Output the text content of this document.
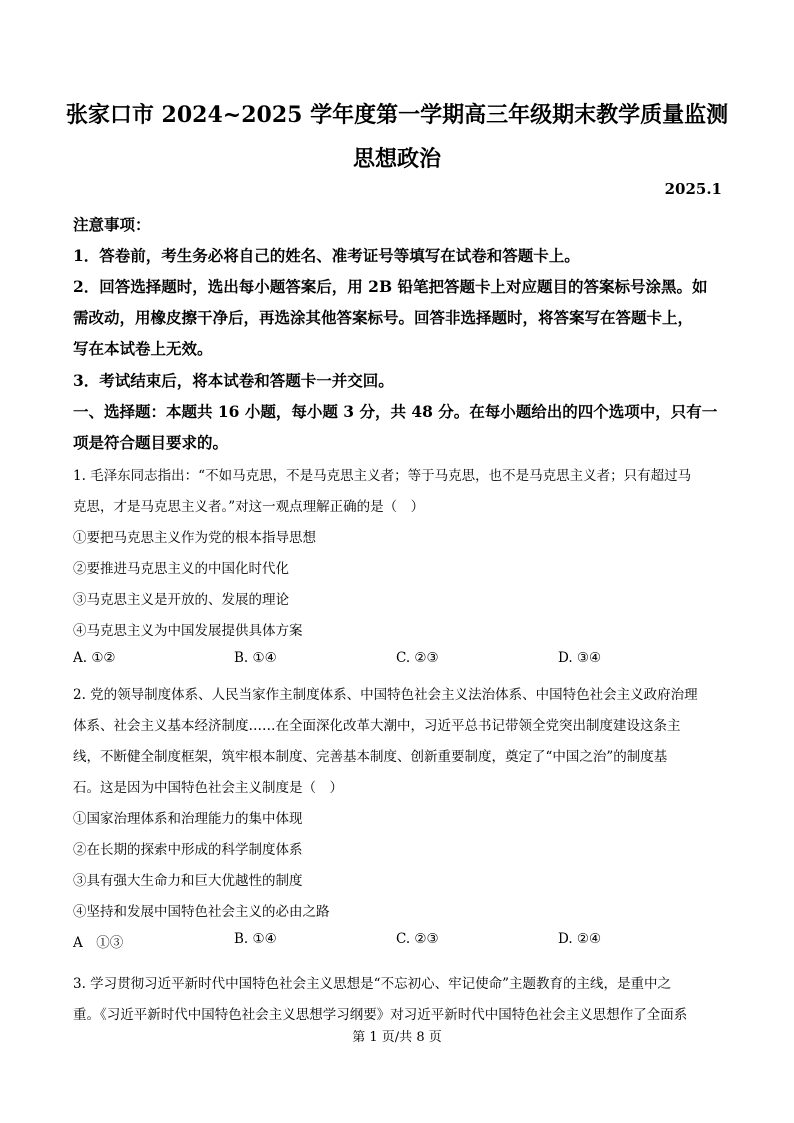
张家口市 2024~2025 学年度第一学期高三年级期末教学质量监测
思想政治
2025.1
注意事项：
1．答卷前，考生务必将自己的姓名、准考证号等填写在试卷和答题卡上。
2．回答选择题时，选出每小题答案后，用 2B 铅笔把答题卡上对应题目的答案标号涂黑。如
需改动，用橡皮擦干净后，再选涂其他答案标号。回答非选择题时，将答案写在答题卡上，
写在本试卷上无效。
3．考试结束后，将本试卷和答题卡一并交回。
一、选择题：本题共 16 小题，每小题 3 分，共 48 分。在每小题给出的四个选项中，只有一
项是符合题目要求的。
1. 毛泽东同志指出：“不如马克思，不是马克思主义者；等于马克思，也不是马克思主义者；只有超过马
克思，才是马克思主义者。”对这一观点理解正确的是（　）
①要把马克思主义作为党的根本指导思想
②要推进马克思主义的中国化时代化
③马克思主义是开放的、发展的理论
④马克思主义为中国发展提供具体方案
A. ①②	B. ①④	C. ②③	D. ③④
2. 党的领导制度体系、人民当家作主制度体系、中国特色社会主义法治体系、中国特色社会主义政府治理
体系、社会主义基本经济制度……在全面深化改革大潮中，习近平总书记带领全党突出制度建设这条主
线，不断健全制度框架，筑牢根本制度、完善基本制度、创新重要制度，奠定了“中国之治”的制度基
石。这是因为中国特色社会主义制度是（　）
①国家治理体系和治理能力的集中体现
②在长期的探索中形成的科学制度体系
③具有强大生命力和巨大优越性的制度
④坚持和发展中国特色社会主义的必由之路
A　①③	B. ①④	C. ②③	D. ②④
3. 学习贯彻习近平新时代中国特色社会主义思想是“不忘初心、牢记使命”主题教育的主线，是重中之
重。《习近平新时代中国特色社会主义思想学习纲要》对习近平新时代中国特色社会主义思想作了全面系
第 1 页/共 8 页
